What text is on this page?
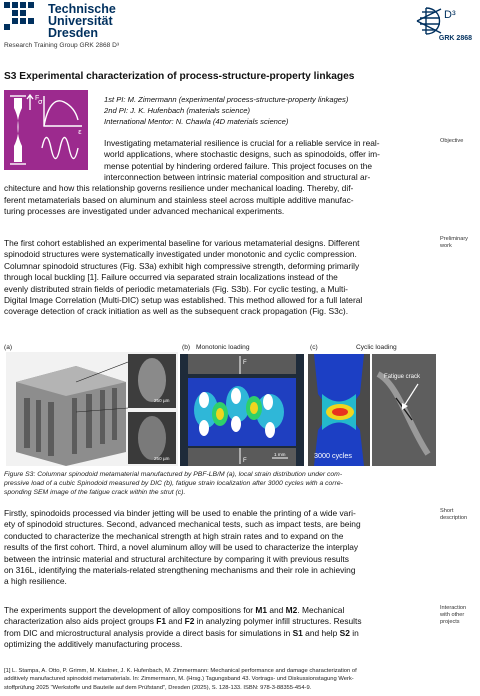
Technische
Universität
Dresden
Research Training Group GRK 2868 D³
D³
GRK 2868
S3 Experimental characterization of process-structure-property linkages
F
σ
ε
1st PI: M. Zimermann (experimental process-structure-property linkages)
2nd PI: J. K. Hufenbach (materials science)
International Mentor: N. Chawla (4D materials science)
Investigating metamaterial resilience is crucial for a reliable service in real-
world applications, where stochastic designs, such as spinodoids, offer im-
mense potential by hindering ordered failure. This project focuses on the
interconnection between intrinsic material composition and structural ar-
chitecture and how this relationship governs resilience under mechanical loading. Thereby, dif-
ferent metamaterials based on aluminum and stainless steel across multiple additive manufac-
turing processes are investigated under advanced mechanical experiments.
Objective
The first cohort established an experimental baseline for various metamaterial designs. Different
spinodoid structures were systematically investigated under monotonic and cyclic compression.
Columnar spinodoid structures (Fig. S3a) exhibit high compressive strength, deforming primarily
through local buckling [1]. Failure occurred via separated strain localizations instead of the
evenly distributed strain fields of periodic metamaterials (Fig. S3b). For cyclic testing, a Multi-
Digital Image Correlation (Multi-DIC) setup was established. This method allowed for a full lateral
coverage detection of crack initiation as well as the subsequent crack propagation (Fig. S3c).
Preliminary
work
(a)
250 µm
250 µm
(b) Monotonic loading
F
F
1 mm
(c)	Cyclic loading
3000 cycles
Fatigue crack
Figure S3: Columnar spinodoid metamaterial manufactured by PBF-LB/M (a), local strain distribution under com-
pressive load of a cubic Spinodoid measured by DIC (b), fatigue strain localization after 3000 cycles with a corre-
sponding SEM image of the fatigue crack within the strut (c).
Firstly, spinodoids processed via binder jetting will be used to enable the printing of a wide vari-
ety of spinodoid structures. Second, advanced mechanical tests, such as impact tests, are being
conducted to characterize the mechanical strength at high strain rates and to expand on the
results of the first cohort. Third, a novel aluminum alloy will be used to characterize the interplay
between the intrinsic material and structural architecture by comparing it with previous results
on 316L, identifying the materials-related strengthening mechanisms and their role in achieving
a high resilience.
Short
description
The experiments support the development of alloy compositions for M1 and M2. Mechanical
characterization also aids project groups F1 and F2 in analyzing polymer infill structures. Results
from DIC and microstructural analysis provide a direct basis for simulations in S1 and help S2 in
optimizing the additively manufacturing process.
Interaction
with other
projects
[1] L. Stampa, A. Otto, P. Grimm, M. Kästner, J. K. Hufenbach, M. Zimmermann: Mechanical performance and damage characterization of
additively manufactured spinodoid metamaterials. In: Zimmermann, M. (Hrsg.) Tagungsband 43. Vortrags- und Diskussionstagung Werk-
stoffprüfung 2025 "Werkstoffe und Bauteile auf dem Prüfstand", Dresden (2025), S. 128-133. ISBN: 978-3-88355-454-9.
